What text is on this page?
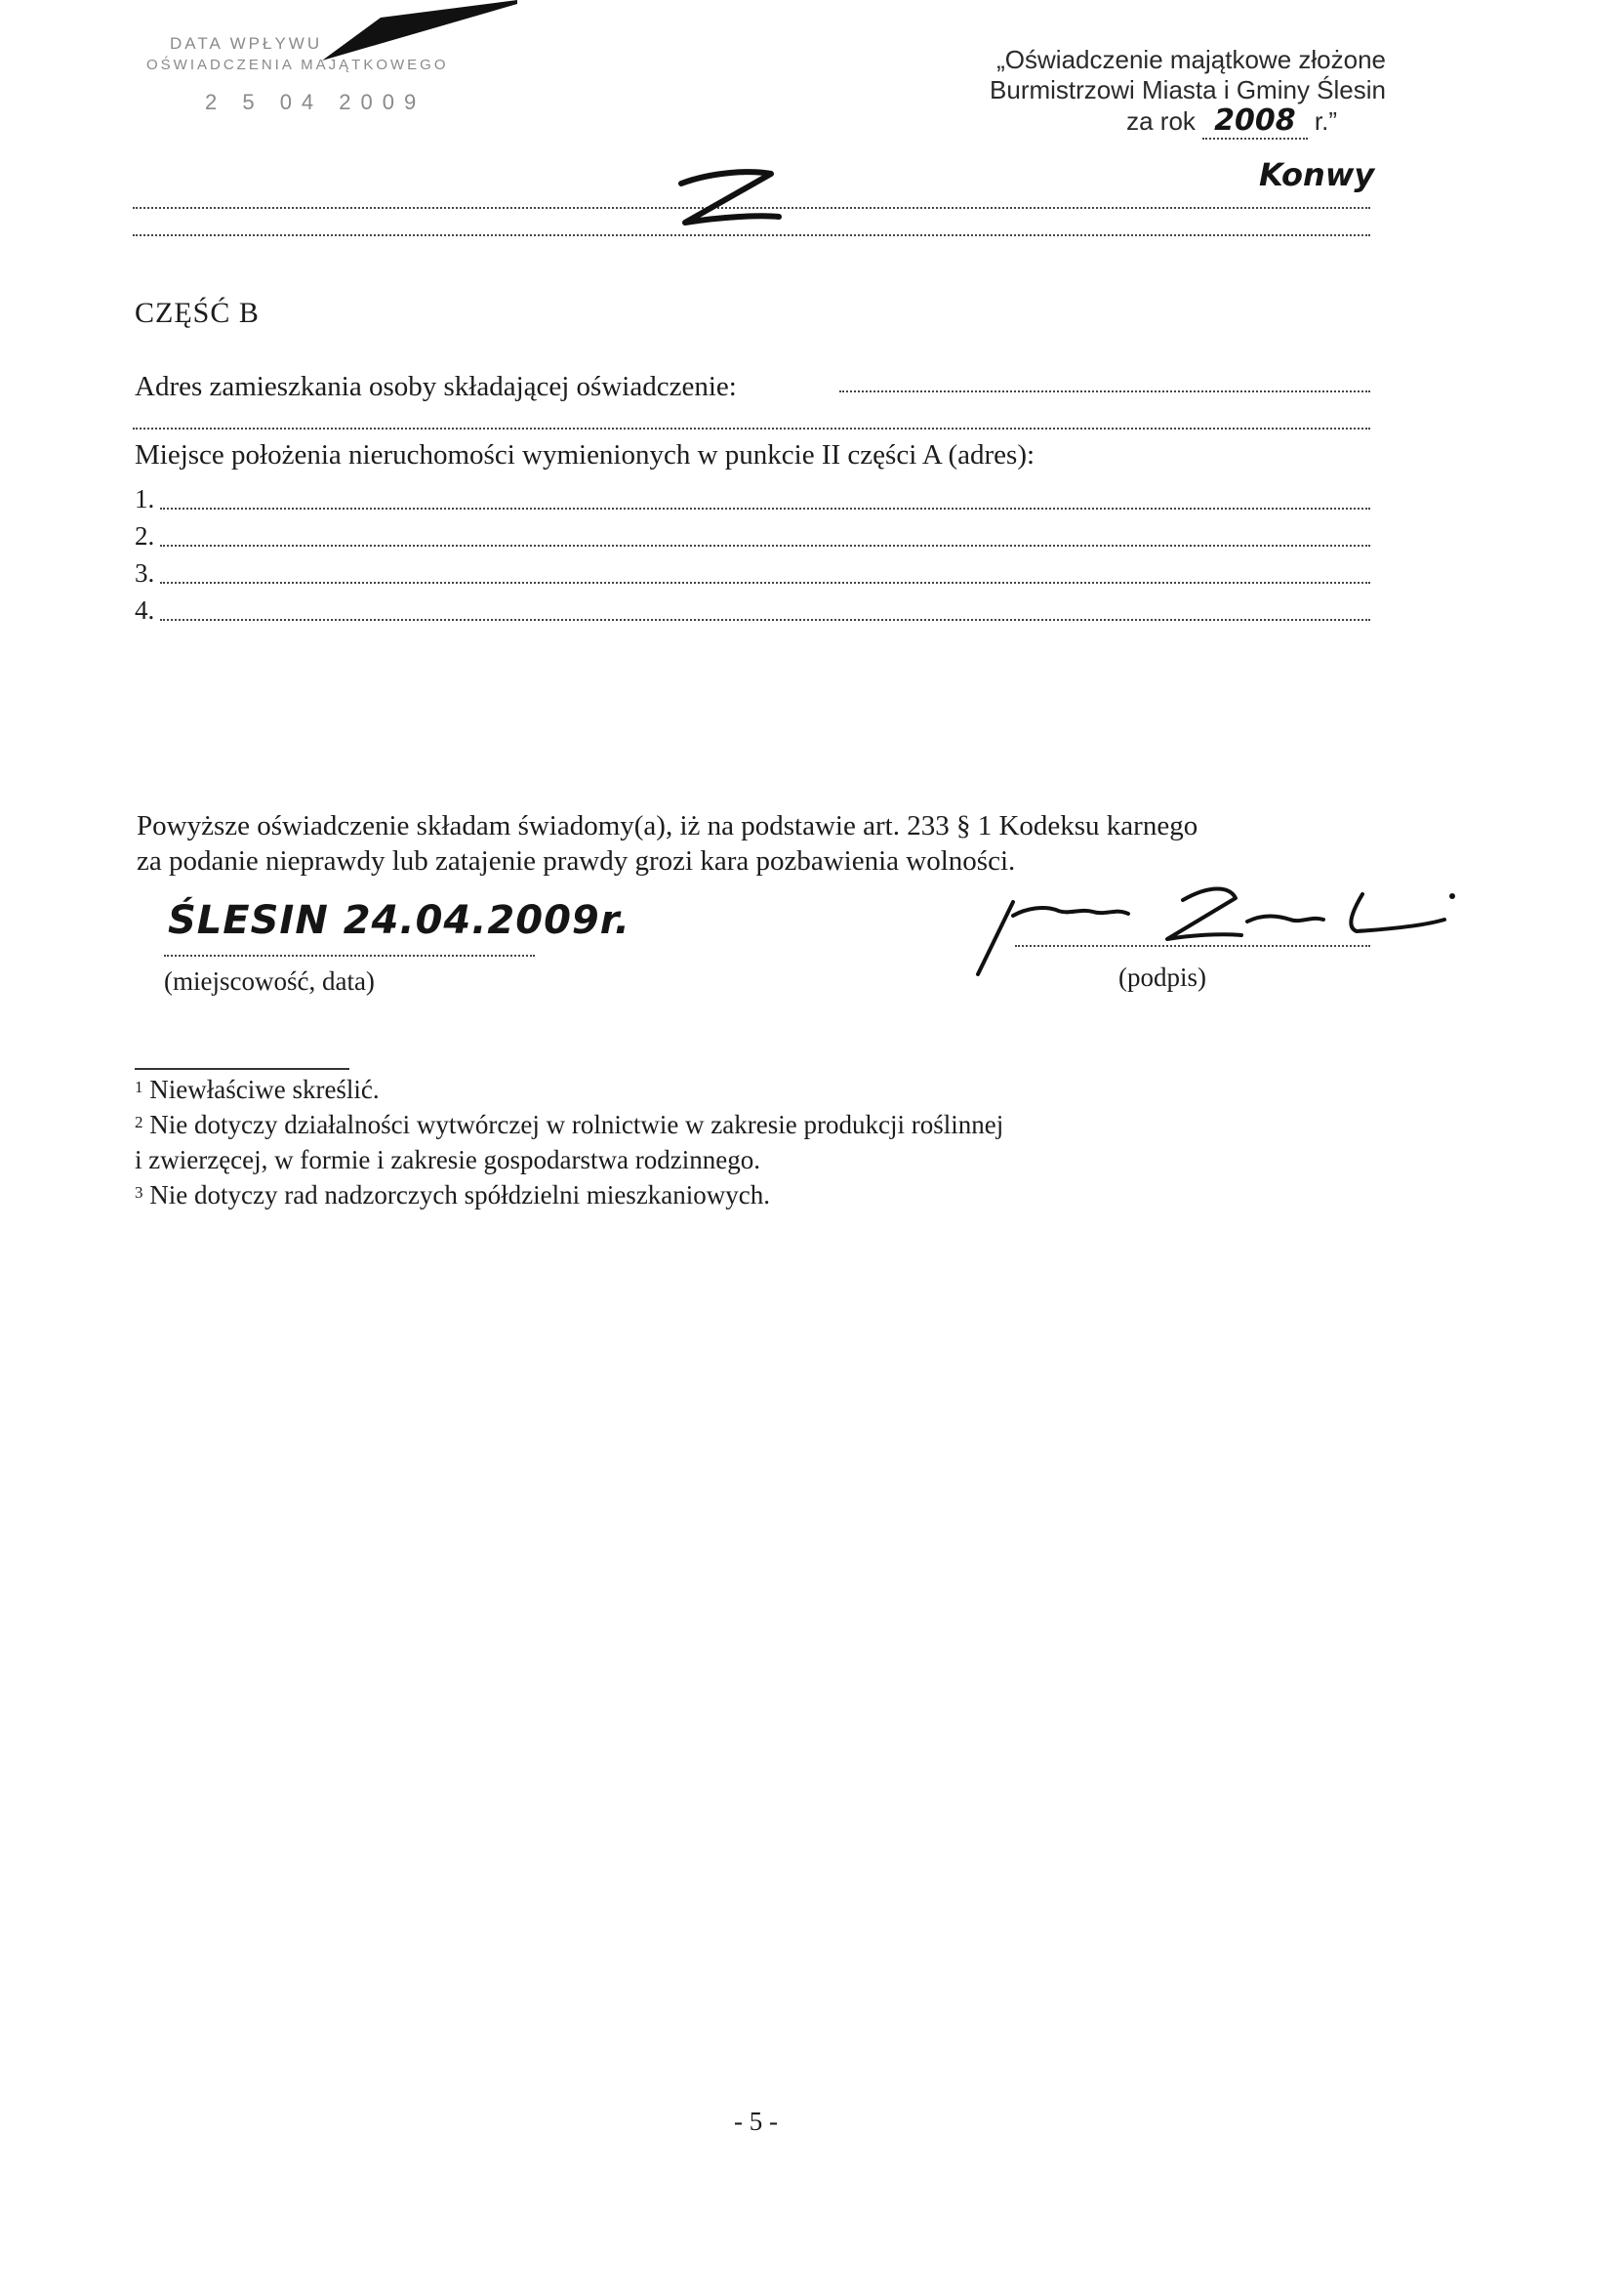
DATA WPŁYWU
OŚWIADCZENIA MAJĄTKOWEGO
2 5 04 2009
„Oświadczenie majątkowe złożone
Burmistrzowi Miasta i Gminy Ślesin
za rok 2008 r.”
Konwy
CZĘŚĆ B
Adres zamieszkania osoby składającej oświadczenie:
Miejsce położenia nieruchomości wymienionych w punkcie II części A (adres):
1.
2.
3.
4.
Powyższe oświadczenie składam świadomy(a), iż na podstawie art. 233 § 1 Kodeksu karnego
za podanie nieprawdy lub zatajenie prawdy grozi kara pozbawienia wolności.
ŚLESIN 24.04.2009r.
(miejscowość, data)	(podpis)
$^1$ Niewłaściwe skreślić.
$^2$ Nie dotyczy działalności wytwórczej w rolnictwie w zakresie produkcji roślinnej
i zwierzęcej, w formie i zakresie gospodarstwa rodzinnego.
$^3$ Nie dotyczy rad nadzorczych spółdzielni mieszkaniowych.
- 5 -
